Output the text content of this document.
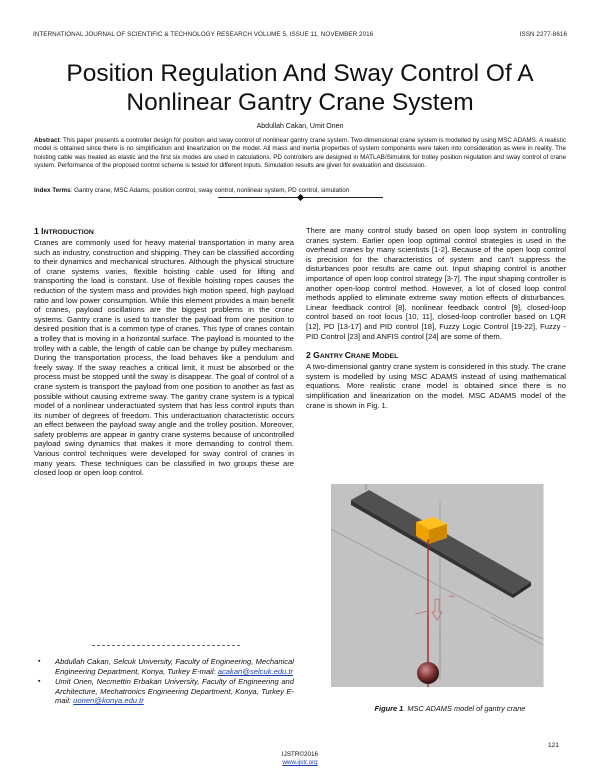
INTERNATIONAL JOURNAL OF SCIENTIFIC & TECHNOLOGY RESEARCH VOLUME 5, ISSUE 11, NOVEMBER 2016	ISSN 2277-8616
Position Regulation And Sway Control Of A
Nonlinear Gantry Crane System
Abdullah Cakan, Umit Onen
Abstract: This paper presents a controller design for position and sway control of nonlinear gantry crane system. Two-dimensional crane system is modelled by using MSC ADAMS. A realistic model is obtained since there is no simplification and linearization on the model. All mass and inertia properties of system components were taken into consideration as were in reality. The hoisting cable was treated as elastic and the first six modes are used in calculations. PD controllers are designed in MATLAB/Simulink for trolley position regulation and sway control of crane system. Performance of the proposed control scheme is tested for different inputs. Simulation results are given for evaluation and discussion.
Index Terms: Gantry crane, MSC Adams, position control, sway control, nonlinear system, PD control, simulation
1 INTRODUCTION

Cranes are commonly used for heavy material transportation in many area such as industry, construction and shipping. They can be classified according to their dynamics and mechanical structures. Although the physical structure of crane systems varies, flexible hoisting cable used for lifting and transporting the load is constant. Use of flexible hoisting ropes causes the reduction of the system mass and provides high motion speed, high payload ratio and low power consumption. While this element provides a main benefit of cranes, payload oscillations are the biggest problems in the crone systems. Gantry crane is used to transfer the payload from one position to desired position that is a common type of cranes. This type of cranes contain a trolley that is moving in a horizontal surface. The payload is mounted to the trolley with a cable, the length of cable can be change by pulley mechanism. During the transportation process, the load behaves like a pendulum and freely sway. If the sway reaches a critical limit, it must be absorbed or the process must be stopped until the sway is disappear. The goal of control of a crane system is transport the payload from one position to another as fast as possible without causing extreme sway. The gantry crane system is a typical model of a nonlinear underactuated system that has less control inputs than its number of degrees of freedom. This underactuation characteristic occurs an effect between the payload sway angle and the trolley position. Moreover, safety problems are appear in gantry crane systems because of uncontrolled payload swing dynamics that makes it more demanding to control them. Various control techniques were developed for sway control of cranes in many years. These techniques can be classified in two groups these are closed loop or open loop control.

There are many control study based on open loop system in controlling cranes system. Earlier open loop optimal control strategies is used in the overhead cranes by many scientists [1-2]. Because of the open loop control is precision for the characteristics of system and can't suppress the disturbances poor results are came out. Input shaping control is another importance of open loop control strategy [3-7]. The input shaping controller is another open-loop control method. However, a lot of closed loop control methods applied to eliminate extreme sway motion effects of disturbances. Linear feedback control [8], nonlinear feedback control [9], closed-loop control based on root locus [10, 11], closed-loop controller based on LQR [12], PD [13-17] and PID control [18], Fuzzy Logic Control [19-22], Fuzzy - PID Control [23] and ANFIS control [24] are some of them.

2 GANTRY CRANE MODEL

A two-dimensional gantry crane system is considered in this study. The crane system is modelled by using MSC ADAMS instead of using mathematical equations. More realistic crane model is obtained since there is no simplification and linearization on the model. MSC ADAMS model of the crane is shown in Fig. 1.

grav
Figure 1. MSC ADAMS model of gantry crane
▪ Abdullah Cakan, Selcuk University, Faculty of Engineering, Mechanical Engineering Department, Konya, Turkey E-mail: acakan@selcuk.edu.tr
▪ Umit Onen, Necmettin Erbakan University, Faculty of Engineering and Architecture, Mechatronics Engineering Department, Konya, Turkey E-mail: uonen@konya.edu.tr
121
IJSTR©2016
www.ijstr.org
